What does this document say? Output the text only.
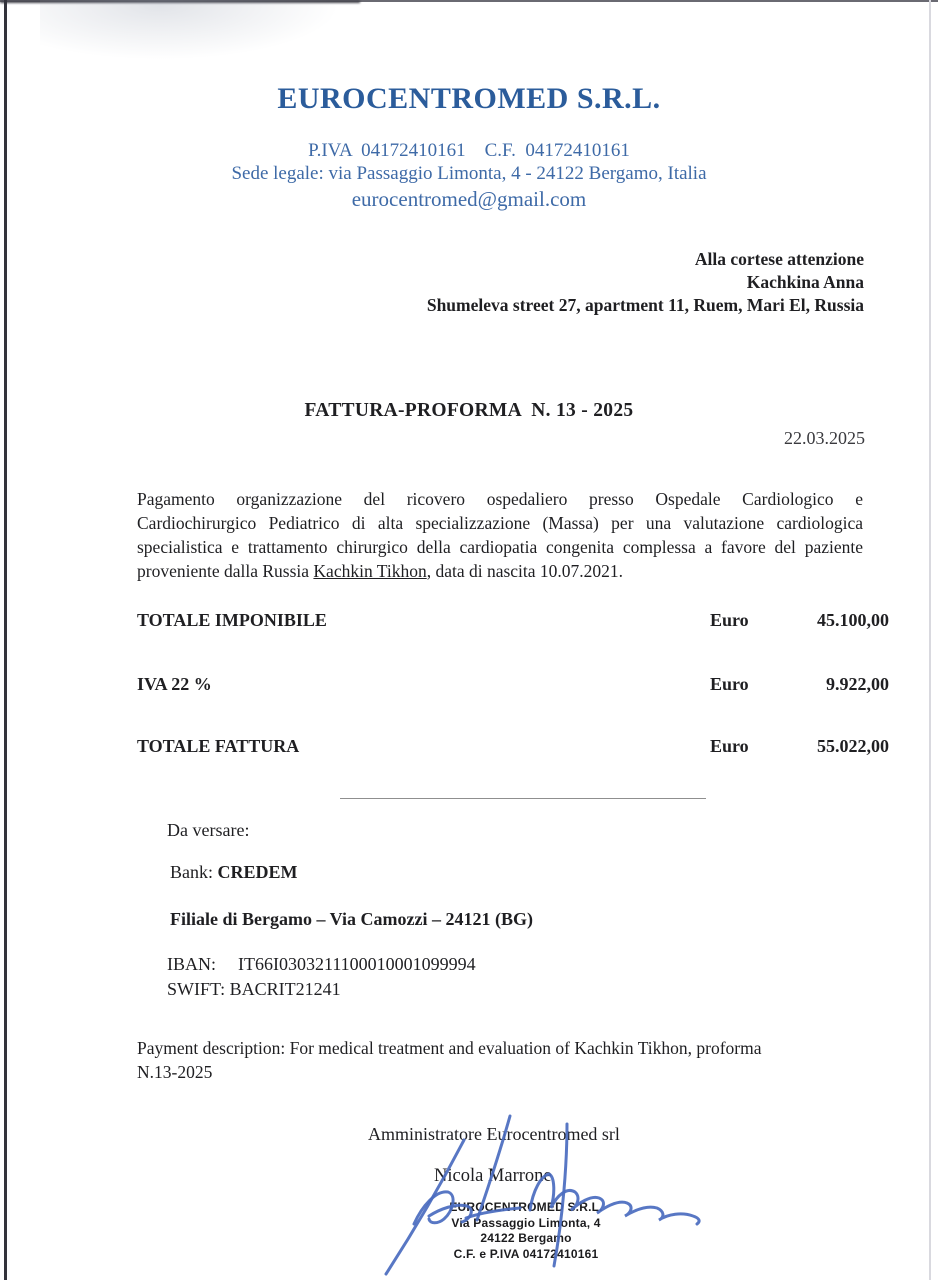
EUROCENTROMED S.R.L.
P.IVA  04172410161    C.F.  04172410161
Sede legale: via Passaggio Limonta, 4 - 24122 Bergamo, Italia
eurocentromed@gmail.com
Alla cortese attenzione
Kachkina Anna
Shumeleva street 27, apartment 11, Ruem, Mari El, Russia
FATTURA-PROFORMA  N. 13 - 2025
22.03.2025
Pagamento organizzazione del ricovero ospedaliero presso Ospedale Cardiologico e
Cardiochirurgico Pediatrico di alta specializzazione (Massa) per una valutazione cardiologica
specialistica e trattamento chirurgico della cardiopatia congenita complessa a favore del paziente
proveniente dalla Russia Kachkin Tikhon, data di nascita 10.07.2021.
TOTALE IMPONIBILE	Euro	45.100,00
IVA 22 %	Euro	9.922,00
TOTALE FATTURA	Euro	55.022,00
Da versare:
Bank: CREDEM
Filiale di Bergamo – Via Camozzi – 24121 (BG)
IBAN: IT66I0303211100010001099994
SWIFT: BACRIT21241
Payment description: For medical treatment and evaluation of Kachkin Tikhon, proforma
N.13-2025
Amministratore Eurocentromed srl
Nicola Marrone
EUROCENTROMED S.R.L.
Via Passaggio Limonta, 4
24122 Bergamo
C.F. e P.IVA 04172410161
